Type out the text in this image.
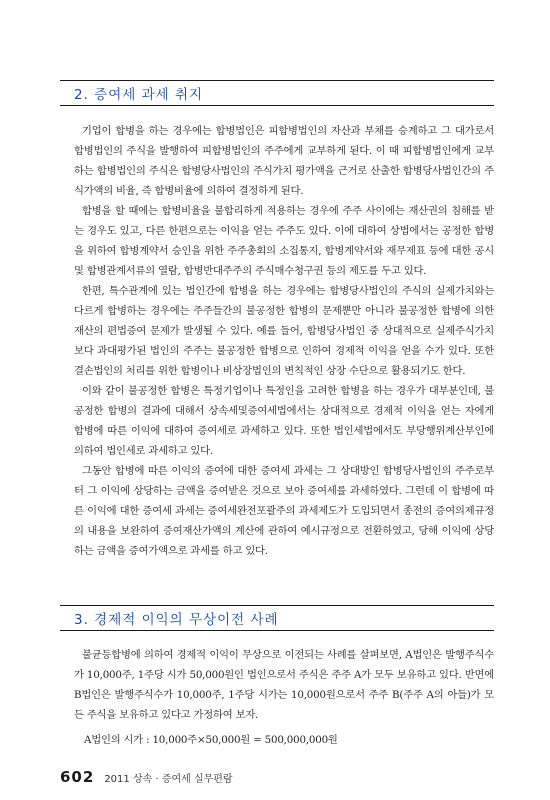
2. 증여세 과세 취지

기업이 합병을 하는 경우에는 합병법인은 피합병법인의 자산과 부채를 승계하고 그 대가로서 합병법인의 주식을 발행하여 피합병법인의 주주에게 교부하게 된다. 이 때 피합병법인에게 교부하는 합병법인의 주식은 합병당사법인의 주식가치 평가액을 근거로 산출한 합병당사법인간의 주식가액의 비율, 즉 합병비율에 의하여 결정하게 된다.

합병을 할 때에는 합병비율을 불합리하게 적용하는 경우에 주주 사이에는 재산권의 침해를 받는 경우도 있고, 다른 한편으로는 이익을 얻는 주주도 있다. 이에 대하여 상법에서는 공정한 합병을 위하여 합병계약서 승인을 위한 주주총회의 소집통지, 합병계약서와 재무제표 등에 대한 공시 및 합병관계서류의 열람, 합병반대주주의 주식매수청구권 등의 제도를 두고 있다.

한편, 특수관계에 있는 법인간에 합병을 하는 경우에는 합병당사법인의 주식의 실제가치와는 다르게 합병하는 경우에는 주주들간의 불공정한 합병의 문제뿐만 아니라 불공정한 합병에 의한 재산의 편법증여 문제가 발생될 수 있다. 예를 들어, 합병당사법인 중 상대적으로 실제주식가치보다 과대평가된 법인의 주주는 불공정한 합병으로 인하여 경제적 이익을 얻을 수가 있다. 또한 결손법인의 처리를 위한 합병이나 비상장법인의 변칙적인 상장 수단으로 활용되기도 한다.

이와 같이 불공정한 합병은 특정기업이나 특정인을 고려한 합병을 하는 경우가 대부분인데, 불공정한 합병의 결과에 대해서 상속세및증여세법에서는 상대적으로 경제적 이익을 얻는 자에게 합병에 따른 이익에 대하여 증여세로 과세하고 있다. 또한 법인세법에서도 부당행위계산부인에 의하여 법인세로 과세하고 있다.

그동안 합병에 따른 이익의 증여에 대한 증여세 과세는 그 상대방인 합병당사법인의 주주로부터 그 이익에 상당하는 금액을 증여받은 것으로 보아 증여세를 과세하였다. 그런데 이 합병에 따른 이익에 대한 증여세 과세는 증여세완전포괄주의 과세제도가 도입되면서 종전의 증여의제규정의 내용을 보완하여 증여재산가액의 계산에 관하여 예시규정으로 전환하였고, 당해 이익에 상당하는 금액을 증여가액으로 과세를 하고 있다.

3. 경제적 이익의 무상이전 사례

불균등합병에 의하여 경제적 이익이 무상으로 이전되는 사례를 살펴보면, A법인은 발행주식수가 10,000주, 1주당 시가 50,000원인 법인으로서 주식은 주주 A가 모두 보유하고 있다. 반면에 B법인은 발행주식수가 10,000주, 1주당 시가는 10,000원으로서 주주 B(주주 A의 아들)가 모든 주식을 보유하고 있다고 가정하여 보자.

A법인의 시가 : 10,000주×50,000원 = 500,000,000원
602 2011 상속 · 증여세 실무편람
